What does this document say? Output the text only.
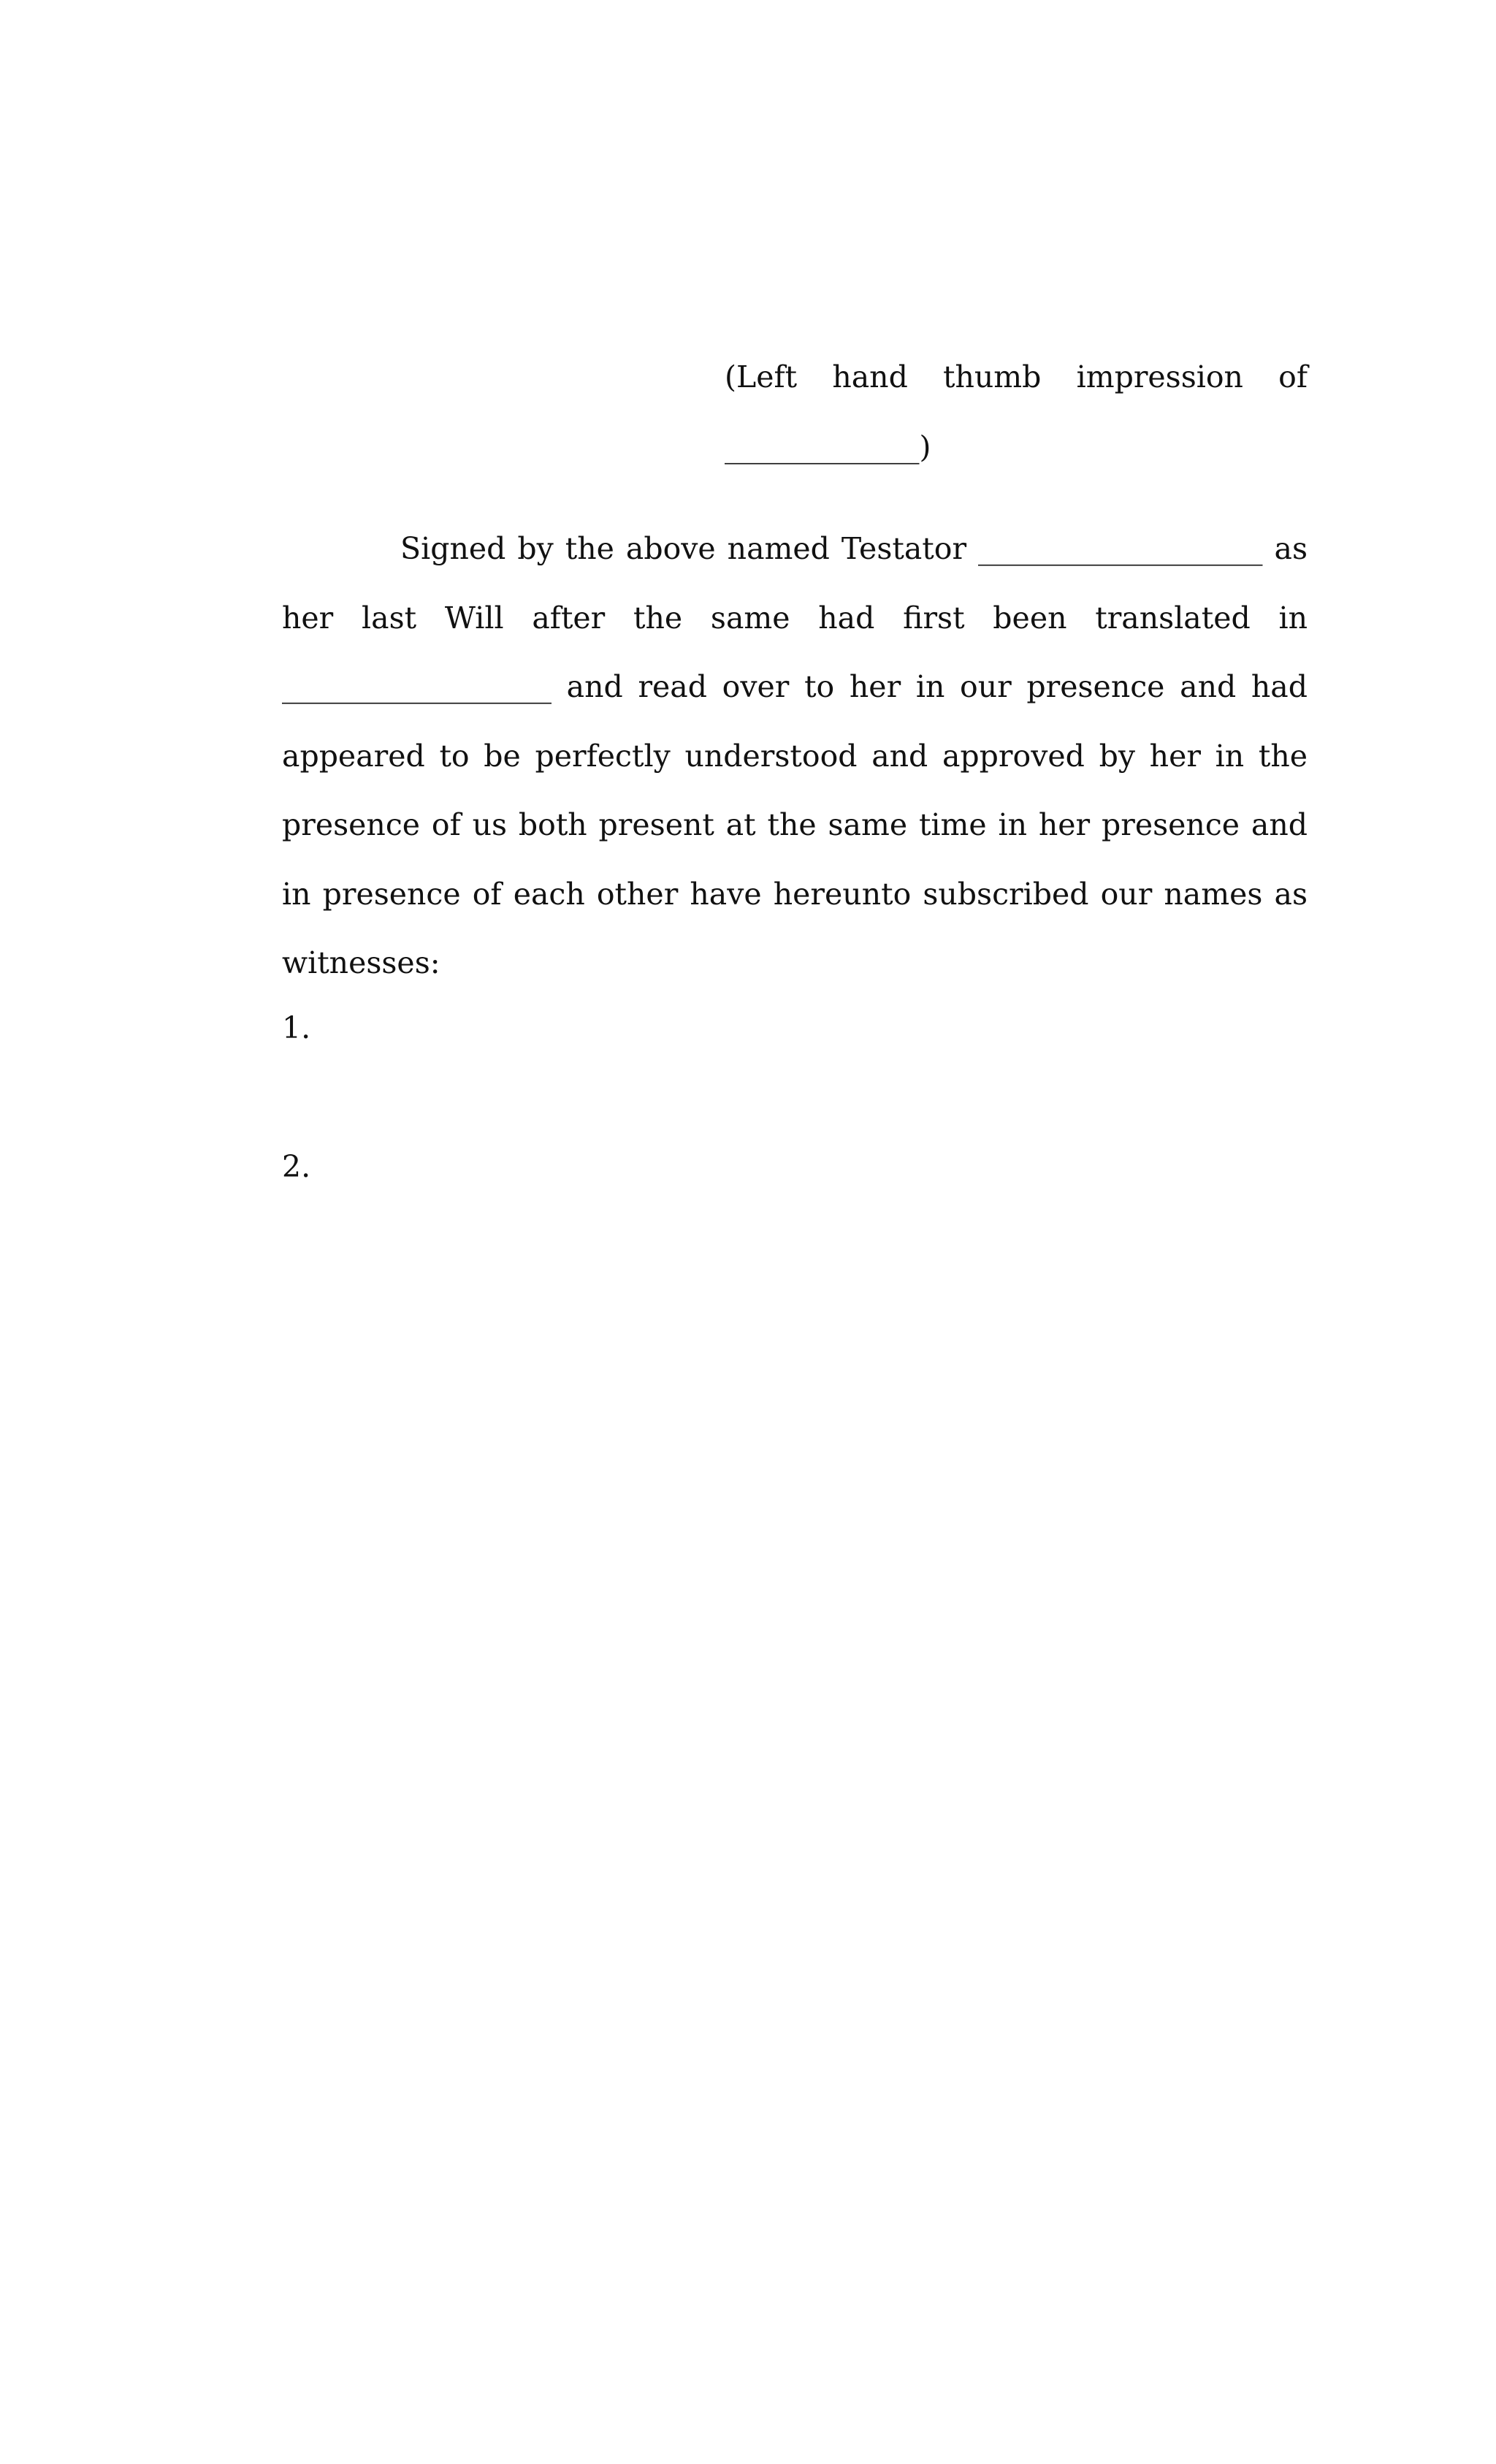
(Left hand thumb impression of
_____________)

Signed by the above named Testator ___________________ as her last Will after the same had first been translated in __________________ and read over to her in our presence and had appeared to be perfectly understood and approved by her in the presence of us both present at the same time in her presence and in presence of each other have hereunto subscribed our names as witnesses:

1.
2.
